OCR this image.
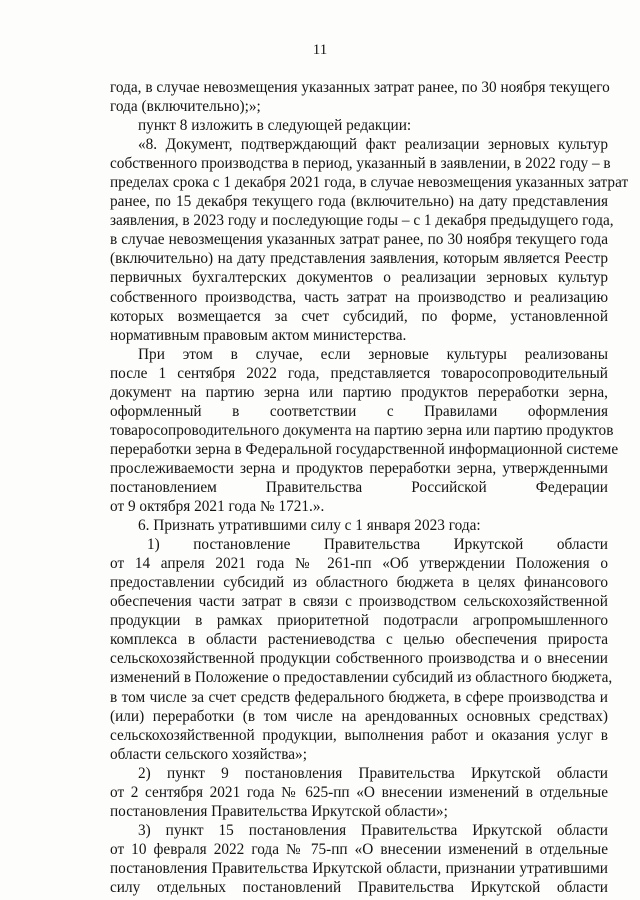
11
года, в случае невозмещения указанных затрат ранее, по 30 ноября текущего
года (включительно);»;
пункт 8 изложить в следующей редакции:
«8. Документ, подтверждающий факт реализации зерновых культур
собственного производства в период, указанный в заявлении, в 2022 году – в
пределах срока с 1 декабря 2021 года, в случае невозмещения указанных затрат
ранее, по 15 декабря текущего года (включительно) на дату представления
заявления, в 2023 году и последующие годы – с 1 декабря предыдущего года,
в случае невозмещения указанных затрат ранее, по 30 ноября текущего года
(включительно) на дату представления заявления, которым является Реестр
первичных бухгалтерских документов о реализации зерновых культур
собственного производства, часть затрат на производство и реализацию
которых возмещается за счет субсидий, по форме, установленной
нормативным правовым актом министерства.
При этом в случае, если зерновые культуры реализованы
после 1 сентября 2022 года, представляется товаросопроводительный
документ на партию зерна или партию продуктов переработки зерна,
оформленный в соответствии с Правилами оформления
товаросопроводительного документа на партию зерна или партию продуктов
переработки зерна в Федеральной государственной информационной системе
прослеживаемости зерна и продуктов переработки зерна, утвержденными
постановлением Правительства Российской Федерации
от 9 октября 2021 года № 1721.».
6. Признать утратившими силу с 1 января 2023 года:
1) постановление Правительства Иркутской области
от 14 апреля 2021 года № 261-пп «Об утверждении Положения о
предоставлении субсидий из областного бюджета в целях финансового
обеспечения части затрат в связи с производством сельскохозяйственной
продукции в рамках приоритетной подотрасли агропромышленного
комплекса в области растениеводства с целью обеспечения прироста
сельскохозяйственной продукции собственного производства и о внесении
изменений в Положение о предоставлении субсидий из областного бюджета,
в том числе за счет средств федерального бюджета, в сфере производства и
(или) переработки (в том числе на арендованных основных средствах)
сельскохозяйственной продукции, выполнения работ и оказания услуг в
области сельского хозяйства»;
2) пункт 9 постановления Правительства Иркутской области
от 2 сентября 2021 года № 625-пп «О внесении изменений в отдельные
постановления Правительства Иркутской области»;
3) пункт 15 постановления Правительства Иркутской области
от 10 февраля 2022 года № 75-пп «О внесении изменений в отдельные
постановления Правительства Иркутской области, признании утратившими
силу отдельных постановлений Правительства Иркутской области
